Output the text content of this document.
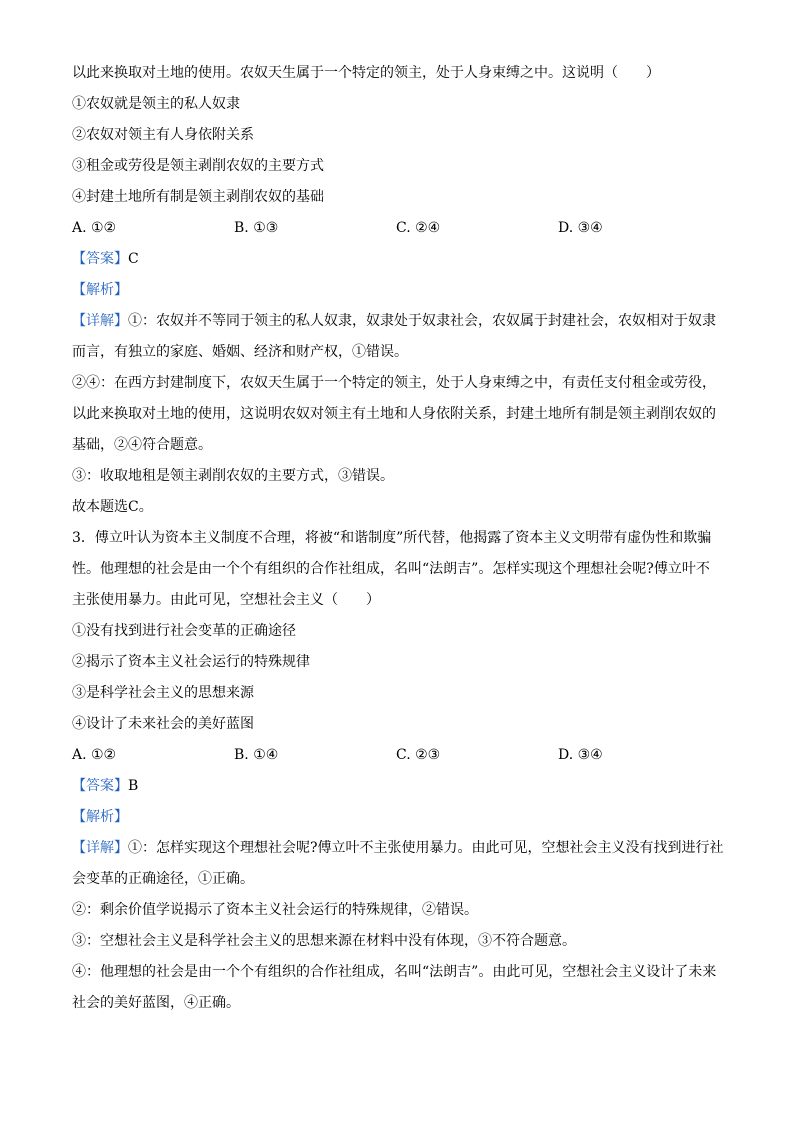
以此来换取对土地的使用。农奴天生属于一个特定的领主，处于人身束缚之中。这说明（　　）
①农奴就是领主的私人奴隶
②农奴对领主有人身依附关系
③租金或劳役是领主剥削农奴的主要方式
④封建土地所有制是领主剥削农奴的基础
A. ①②	B. ①③	C. ②④	D. ③④
【答案】C
【解析】
【详解】①：农奴并不等同于领主的私人奴隶，奴隶处于奴隶社会，农奴属于封建社会，农奴相对于奴隶
而言，有独立的家庭、婚姻、经济和财产权，①错误。
②④：在西方封建制度下，农奴天生属于一个特定的领主，处于人身束缚之中，有责任支付租金或劳役，
以此来换取对土地的使用，这说明农奴对领主有土地和人身依附关系，封建土地所有制是领主剥削农奴的
基础，②④符合题意。
③：收取地租是领主剥削农奴的主要方式，③错误。
故本题选C。
3．傅立叶认为资本主义制度不合理，将被“和谐制度”所代替，他揭露了资本主义文明带有虚伪性和欺骗
性。他理想的社会是由一个个有组织的合作社组成，名叫“法朗吉”。怎样实现这个理想社会呢?傅立叶不
主张使用暴力。由此可见，空想社会主义（　　）
①没有找到进行社会变革的正确途径
②揭示了资本主义社会运行的特殊规律
③是科学社会主义的思想来源
④设计了未来社会的美好蓝图
A. ①②	B. ①④	C. ②③	D. ③④
【答案】B
【解析】
【详解】①：怎样实现这个理想社会呢?傅立叶不主张使用暴力。由此可见，空想社会主义没有找到进行社
会变革的正确途径，①正确。
②：剩余价值学说揭示了资本主义社会运行的特殊规律，②错误。
③：空想社会主义是科学社会主义的思想来源在材料中没有体现，③不符合题意。
④：他理想的社会是由一个个有组织的合作社组成，名叫“法朗吉”。由此可见，空想社会主义设计了未来
社会的美好蓝图，④正确。
